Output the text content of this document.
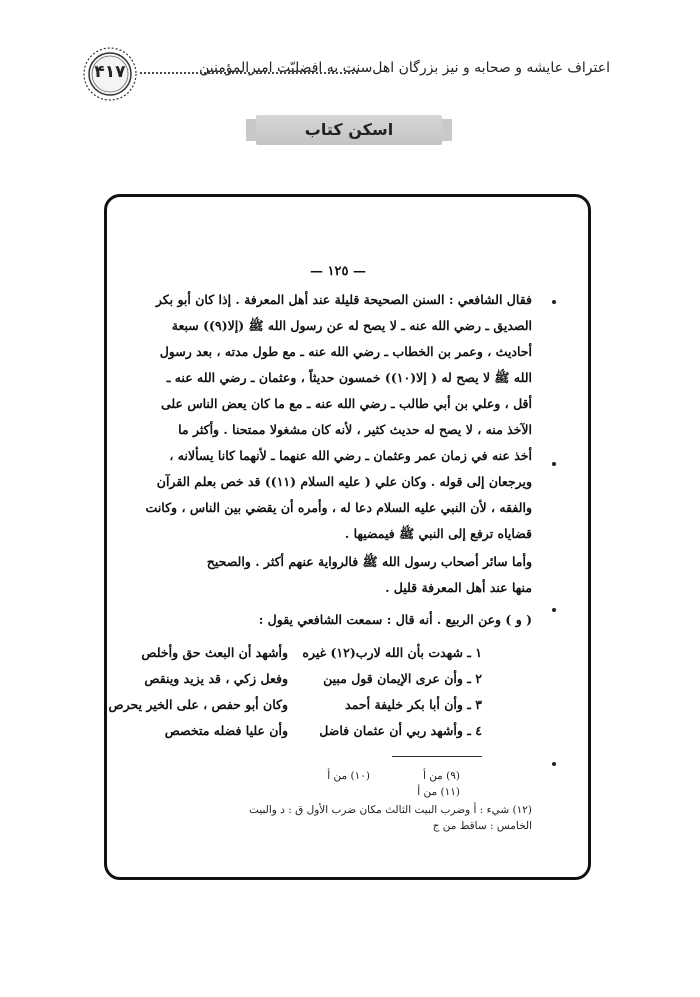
اعتراف عایشه و صحابه و نیز بزرگان اهل‌سنت به افضلیّت امیرالمؤمنین
۴۱۷
اسکن کتاب
— ١٢٥ —
فقال الشافعي : السنن الصحيحة قليلة عند أهل المعرفة . إذا كان أبو بكر
الصديق ـ رضي الله عنه ـ لا يصح له عن رسول الله ﷺ (إلا(٩)) سبعة
أحاديث ، وعمر بن الخطاب ـ رضي الله عنه ـ مع طول مدته ، بعد رسول
الله ﷺ لا يصح له ( إلا(١٠)) خمسون حديثاً ، وعثمان ـ رضي الله عنه ـ
أقل ، وعلي بن أبي طالب ـ رضي الله عنه ـ مع ما كان يعض الناس على
الآخذ منه ، لا يصح له حديث كثير ، لأنه كان مشغولا ممتحنا . وأكثر ما
أخذ عنه في زمان عمر وعثمان ـ رضي الله عنهما ـ لأنهما كانا يسألانه ،
ويرجعان إلى قوله . وكان علي ( عليه السلام (١١)) قد خص بعلم القرآن
والفقه ، لأن النبي عليه السلام دعا له ، وأمره أن يقضي بين الناس ، وكانت
قضاياه ترفع إلى النبي ﷺ فيمضيها .
وأما سائر أصحاب رسول الله ﷺ فالرواية عنهم أكثر . والصحيح
منها عند أهل المعرفة قليل .
( و ) وعن الربيع . أنه قال : سمعت الشافعي يقول :
١ ـ شهدت بأن الله لارب(١٢) غيره
وأشهد أن البعث حق وأخلص
٢ ـ وأن عرى الإيمان قول مبين
وفعل زكي ، قد يزيد وينقص
٣ ـ وأن أبا بكر خليفة أحمد
وكان أبو حفص ، على الخير يحرص
٤ ـ وأشهد ربي أن عثمان فاضل
وأن عليا فضله متخصص
(٩) من أ
(١٠) من أ
(١١) من أ
(١٢) شيء : أ وضرب البيت الثالث مكان ضرب الأول ق : د والبيت
الخامس : ساقط من ج
